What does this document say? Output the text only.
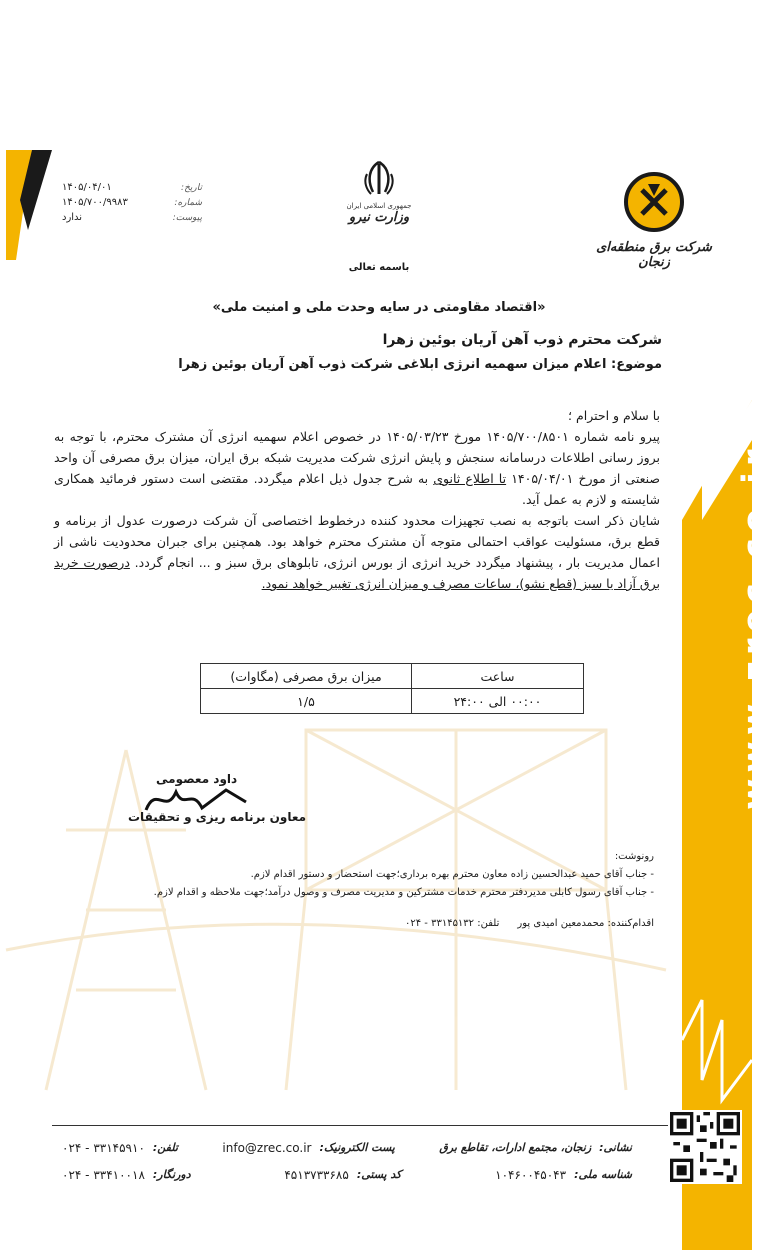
www.zrec.co.ir
شرکت برق منطقه‌ای زنجان
جمهوری اسلامی ایران
وزارت نیرو
تاریخ:
۱۴۰۵/۰۴/۰۱
شماره:
۱۴۰۵/۷۰۰/۹۹۸۳
پیوست:
ندارد
باسمه تعالی
«اقتصاد مقاومتی در سایه وحدت ملی و امنیت ملی»
شرکت محترم ذوب آهن آریان بوئین زهرا
موضوع: اعلام میزان سهمیه انرژی ابلاغی شرکت ذوب آهن آریان بوئین زهرا

با سلام و احترام ؛

پیرو نامه شماره ۱۴۰۵/۷۰۰/۸۵۰۱ مورخ ۱۴۰۵/۰۳/۲۳ در خصوص اعلام سهمیه انرژی آن مشترک محترم، با توجه به بروز رسانی اطلاعات درسامانه سنجش و پایش انرژی شرکت مدیریت شبکه برق ایران، میزان برق مصرفی آن واحد صنعتی از مورخ ۱۴۰۵/۰۴/۰۱ تا اطلاع ثانوی به شرح جدول ذیل اعلام میگردد. مقتضی است دستور فرمائید همکاری شایسته و لازم به عمل آید.

شایان ذکر است باتوجه به نصب تجهیزات محدود کننده درخطوط اختصاصی آن شرکت درصورت عدول از برنامه و قطع برق، مسئولیت عواقب احتمالی متوجه آن مشترک محترم خواهد بود. همچنین برای جبران محدودیت ناشی از اعمال مدیریت بار ، پیشنهاد میگردد خرید انرژی از بورس انرژی، تابلوهای برق سبز و ... انجام گردد. درصورت خرید برق آزاد یا سبز (قطع نشو)، ساعات مصرف و میزان انرژی تغییر خواهد نمود.

ساعت	میزان برق مصرفی (مگاوات)
۰۰:۰۰ الی ۲۴:۰۰	۱/۵
داود معصومی
معاون برنامه ریزی و تحقیقات
رونوشت:
- جناب آقای حمید عبدالحسین زاده معاون محترم بهره برداری؛جهت استحضار و دستور اقدام لازم.
- جناب آقای رسول کابلی مدیردفتر محترم خدمات مشترکین و مدیریت مصرف و وصول درآمد؛جهت ملاحظه و اقدام لازم.
اقدام‌کننده: محمدمعین امیدی پور
تلفن: ۳۳۱۴۵۱۳۲ - ۰۲۴
نشانی:
زنجان، مجتمع ادارات، تقاطع برق
پست الکترونیک:
info@zrec.co.ir
تلفن:
۳۳۱۴۵۹۱۰ - ۰۲۴
شناسه ملی:
۱۰۴۶۰۰۴۵۰۴۳
کد پستی:
۴۵۱۳۷۳۳۶۸۵
دورنگار:
۳۳۴۱۰۰۱۸ - ۰۲۴
